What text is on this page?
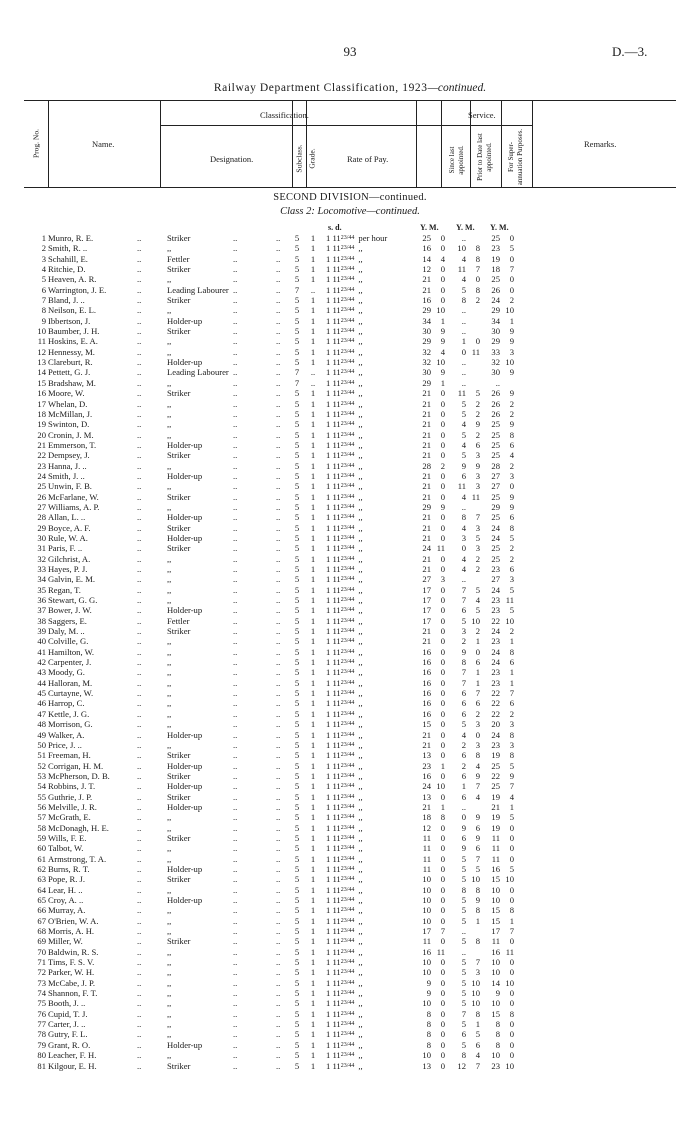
93	D.—3.
Railway Department Classification, 1923—continued.
Prog. No.	Name.
Classification.
Designation.	Subclass. Grade.	Rate of Pay.
Service.
Since last appointed. Prior to Date last appointed. For Super- annuation Purposes.	Remarks.
SECOND DIVISION—continued.
Class 2: Locomotive—continued.
s. d.	Y. M. Y. M. Y. M.
1 Munro, R. E.	..	Striker	..	..	5	1	1 $11^{23/44}$ per hour	25	0	..	25	0
2 Smith, R. ..	..	,,	..	..	5	1	1 $11^{23/44}$ ,,	16	0	10	8	23	5
3 Schahill, E.	..	Fettler	..	..	5	1	1 $11^{23/44}$ ,,	14	4	4	8	19	0
4 Ritchie, D.	..	Striker	..	..	5	1	1 $11^{23/44}$ ,,	12	0	11	7	18	7
5 Heaven, A. R.	..	,,	..	..	5	1	1 $11^{23/44}$ ,,	21	0	4	0	25	0
6 Warrington, J. E.	..	Leading Labourer ..	..	7	..	1 $11^{23/44}$ ,,	21	0	5	8	26	0
7 Bland, J. ..	..	Striker	..	..	5	1	1 $11^{23/44}$ ,,	16	0	8	2	24	2
8 Neilson, E. L.	..	,,	..	..	5	1	1 $11^{23/44}$ ,,	29 10	..	29 10
9 Ibbertson, J.	..	Holder-up	..	..	5	1	1 $11^{23/44}$ ,,	34	1	..	34	1
10 Baumber, J. H.	..	Striker	..	..	5	1	1 $11^{23/44}$ ,,	30	9	..	30	9
11 Hoskins, E. A.	..	,,	..	..	5	1	1 $11^{23/44}$ ,,	29	9	1	0	29	9
12 Hennessy, M.	..	,,	..	..	5	1	1 $11^{23/44}$ ,,	32	4	0 11	33	3
13 Clareburt, R.	..	Holder-up	..	..	5	1	1 $11^{23/44}$ ,,	32 10	..	32 10
14 Pettett, G. J.	..	Leading Labourer ..	..	7	..	1 $11^{23/44}$ ,,	30	9	..	30	9
15 Bradshaw, M.	..	,,	..	..	7	..	1 $11^{23/44}$ ,,	29	1	..	..
16 Moore, W.	..	Striker	..	..	5	1	1 $11^{23/44}$ ,,	21	0	11	5	26	9
17 Whelan, D.	..	,,	..	..	5	1	1 $11^{23/44}$ ,,	21	0	5	2	26	2
18 McMillan, J.	..	,,	..	..	5	1	1 $11^{23/44}$ ,,	21	0	5	2	26	2
19 Swinton, D.	..	,,	..	..	5	1	1 $11^{23/44}$ ,,	21	0	4	9	25	9
20 Cronin, J. M.	..	,,	..	..	5	1	1 $11^{23/44}$ ,,	21	0	5	2	25	8
21 Emmerson, T.	..	Holder-up	..	..	5	1	1 $11^{23/44}$ ,,	21	0	4	6	25	6
22 Dempsey, J.	..	Striker	..	..	5	1	1 $11^{23/44}$ ,,	21	0	5	3	25	4
23 Hanna, J. ..	..	,,	..	..	5	1	1 $11^{23/44}$ ,,	28	2	9	9	28	2
24 Smith, J. ..	..	Holder-up	..	..	5	1	1 $11^{23/44}$ ,,	21	0	6	3	27	3
25 Unwin, F. B.	..	,,	..	..	5	1	1 $11^{23/44}$ ,,	21	0	11	3	27	0
26 McFarlane, W.	..	Striker	..	..	5	1	1 $11^{23/44}$ ,,	21	0	4 11	25	9
27 Williams, A. P.	..	,,	..	..	5	1	1 $11^{23/44}$ ,,	29	9	..	29	9
28 Allan, L. ..	..	Holder-up	..	..	5	1	1 $11^{23/44}$ ,,	21	0	8	7	25	6
29 Boyce, A. F.	..	Striker	..	..	5	1	1 $11^{23/44}$ ,,	21	0	4	3	24	8
30 Rule, W. A.	..	Holder-up	..	..	5	1	1 $11^{23/44}$ ,,	21	0	3	5	24	5
31 Paris, F. ..	..	Striker	..	..	5	1	1 $11^{23/44}$ ,,	24 11	0	3	25	2
32 Gilchrist, A.	..	,,	..	..	5	1	1 $11^{23/44}$ ,,	21	0	4	2	25	2
33 Hayes, P. J.	..	,,	..	..	5	1	1 $11^{23/44}$ ,,	21	0	4	2	23	6
34 Galvin, E. M.	..	,,	..	..	5	1	1 $11^{23/44}$ ,,	27	3	..	27	3
35 Regan, T.	..	,,	..	..	5	1	1 $11^{23/44}$ ,,	17	0	7	5	24	5
36 Stewart, G. G.	..	,,	..	..	5	1	1 $11^{23/44}$ ,,	17	0	7	4	23 11
37 Bower, J. W.	..	Holder-up	..	..	5	1	1 $11^{23/44}$ ,,	17	0	6	5	23	5
38 Saggers, E.	..	Fettler	..	..	5	1	1 $11^{23/44}$ ,,	17	0	5 10	22 10
39 Daly, M. ..	..	Striker	..	..	5	1	1 $11^{23/44}$ ,,	21	0	3	2	24	2
40 Colville, G.	..	,,	..	..	5	1	1 $11^{23/44}$ ,,	21	0	2	1	23	1
41 Hamilton, W.	..	,,	..	..	5	1	1 $11^{23/44}$ ,,	16	0	9	0	24	8
42 Carpenter, J.	..	,,	..	..	5	1	1 $11^{23/44}$ ,,	16	0	8	6	24	6
43 Moody, G.	..	,,	..	..	5	1	1 $11^{23/44}$ ,,	16	0	7	1	23	1
44 Halloran, M.	..	,,	..	..	5	1	1 $11^{23/44}$ ,,	16	0	7	1	23	1
45 Curtayne, W.	..	,,	..	..	5	1	1 $11^{23/44}$ ,,	16	0	6	7	22	7
46 Harrop, C.	..	,,	..	..	5	1	1 $11^{23/44}$ ,,	16	0	6	6	22	6
47 Kettle, J. G.	..	,,	..	..	5	1	1 $11^{23/44}$ ,,	16	0	6	2	22	2
48 Morrison, G.	..	,,	..	..	5	1	1 $11^{23/44}$ ,,	15	0	5	3	20	3
49 Walker, A.	..	Holder-up	..	..	5	1	1 $11^{23/44}$ ,,	21	0	4	0	24	8
50 Price, J. ..	..	,,	..	..	5	1	1 $11^{23/44}$ ,,	21	0	2	3	23	3
51 Freeman, H.	..	Striker	..	..	5	1	1 $11^{23/44}$ ,,	13	0	6	8	19	8
52 Corrigan, H. M.	..	Holder-up	..	..	5	1	1 $11^{23/44}$ ,,	23	1	2	4	25	5
53 McPherson, D. B.	..	Striker	..	..	5	1	1 $11^{23/44}$ ,,	16	0	6	9	22	9
54 Robbins, J. T.	..	Holder-up	..	..	5	1	1 $11^{23/44}$ ,,	24 10	1	7	25	7
55 Guthrie, J. P.	..	Striker	..	..	5	1	1 $11^{23/44}$ ,,	13	0	6	4	19	4
56 Melville, J. R.	..	Holder-up	..	..	5	1	1 $11^{23/44}$ ,,	21	1	..	21	1
57 McGrath, E.	..	,,	..	..	5	1	1 $11^{23/44}$ ,,	18	8	0	9	19	5
58 McDonagh, H. E.	..	,,	..	..	5	1	1 $11^{23/44}$ ,,	12	0	9	6	19	0
59 Wills, F. E.	..	Striker	..	..	5	1	1 $11^{23/44}$ ,,	11	0	6	9	11	0
60 Talbot, W.	..	,,	..	..	5	1	1 $11^{23/44}$ ,,	11	0	9	6	11	0
61 Armstrong, T. A.	..	,,	..	..	5	1	1 $11^{23/44}$ ,,	11	0	5	7	11	0
62 Burns, R. T.	..	Holder-up	..	..	5	1	1 $11^{23/44}$ ,,	11	0	5	5	16	5
63 Pope, R. J.	..	Striker	..	..	5	1	1 $11^{23/44}$ ,,	10	0	5 10	15 10
64 Lear, H. ..	..	,,	..	..	5	1	1 $11^{23/44}$ ,,	10	0	8	8	10	0
65 Croy, A. ..	..	Holder-up	..	..	5	1	1 $11^{23/44}$ ,,	10	0	5	9	10	0
66 Murray, A.	..	,,	..	..	5	1	1 $11^{23/44}$ ,,	10	0	5	8	15	8
67 O'Brien, W. A.	..	,,	..	..	5	1	1 $11^{23/44}$ ,,	10	0	5	1	15	1
68 Morris, A. H.	..	,,	..	..	5	1	1 $11^{23/44}$ ,,	17	7	..	17	7
69 Miller, W.	..	Striker	..	..	5	1	1 $11^{23/44}$ ,,	11	0	5	8	11	0
70 Baldwin, R. S.	..	,,	..	..	5	1	1 $11^{23/44}$ ,,	16 11	..	16 11
71 Tims, F. S. V.	..	,,	..	..	5	1	1 $11^{23/44}$ ,,	10	0	5	7	10	0
72 Parker, W. H.	..	,,	..	..	5	1	1 $11^{23/44}$ ,,	10	0	5	3	10	0
73 McCabe, J. P.	..	,,	..	..	5	1	1 $11^{23/44}$ ,,	9	0	5 10	14 10
74 Shannon, F. T.	..	,,	..	..	5	1	1 $11^{23/44}$ ,,	9	0	5 10	9	0
75 Booth, J. ..	..	,,	..	..	5	1	1 $11^{23/44}$ ,,	10	0	5 10	10	0
76 Cupid, T. J.	..	,,	..	..	5	1	1 $11^{23/44}$ ,,	8	0	7	8	15	8
77 Carter, J. ..	..	,,	..	..	5	1	1 $11^{23/44}$ ,,	8	0	5	1	8	0
78 Gutry, F. L.	..	,,	..	..	5	1	1 $11^{23/44}$ ,,	8	0	6	5	8	0
79 Grant, R. O.	..	Holder-up	..	..	5	1	1 $11^{23/44}$ ,,	8	0	5	6	8	0
80 Leacher, F. H.	..	,,	..	..	5	1	1 $11^{23/44}$ ,,	10	0	8	4	10	0
81 Kilgour, E. H.	..	Striker	..	..	5	1	1 $11^{23/44}$ ,,	13	0	12	7	23 10
